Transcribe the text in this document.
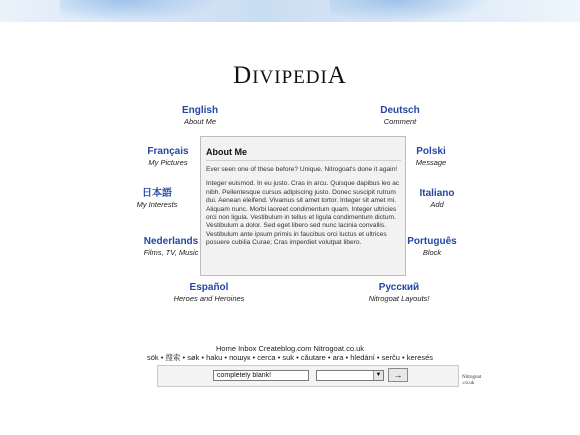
DIVIPEDIA
English
About Me
Deutsch
Comment
Français
My Pictures
Polski
Message
日本語
My Interests
Italiano
Add
Nederlands
Films, TV, Music
Português
Block
Español
Heroes and Heroines
Русский
Nitrogoat Layouts!
About Me

Ever seen one of these before? Unique. Nitrogoat's done it again!

Integer euismod. In eu justo. Cras in arcu. Quisque dapibus leo ac nibh. Pellentesque cursus adipiscing justo. Donec suscipit rutrum dui. Aenean eleifend. Vivamus sit amet tortor. Integer sit amet mi. Aliquam nunc. Morbi laoreet condimentum quam. Integer ultricies orci non ligula. Vestibulum in tellus et ligula condimentum dictum. Vestibulum a dolor. Sed eget libero sed nunc lacinia convallis. Vestibulum ante ipsum primis in faucibus orci luctus et ultrices posuere cubilia Curae; Cras imperdiet volutpat libero.

Home Inbox Createblog.com Nitrogoat.co.uk
sök • 搜索 • søk • haku • пошук • cerca • suk • căutare • ara • hledání • serču • keresés
completely blank!
▼	→	Nitrogoat
.co.uk
